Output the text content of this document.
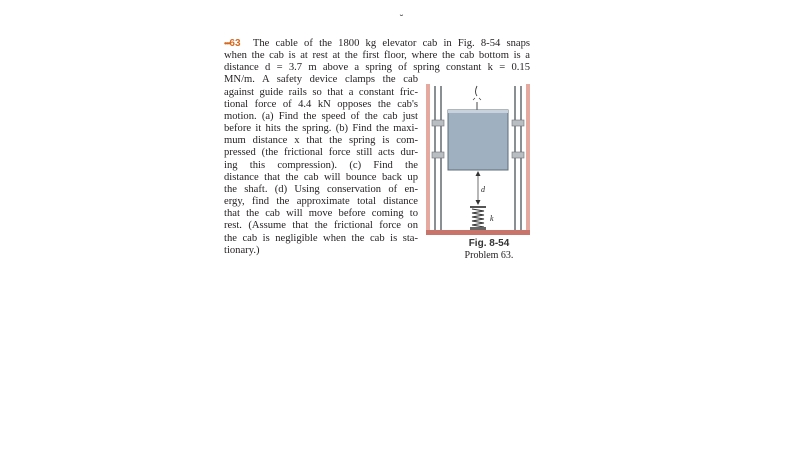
˘
•••63 The cable of the 1800 kg elevator cab in Fig. 8-54 snaps
when the cab is at rest at the first floor, where the cab bottom is a
distance d = 3.7 m above a spring of spring constant k = 0.15
MN/m. A safety device clamps the cab
against guide rails so that a constant fric-
tional force of 4.4 kN opposes the cab's
motion. (a) Find the speed of the cab just
before it hits the spring. (b) Find the maxi-
mum distance x that the spring is com-
pressed (the frictional force still acts dur-
ing this compression). (c) Find the
distance that the cab will bounce back up
the shaft. (d) Using conservation of en-
ergy, find the approximate total distance
that the cab will move before coming to
rest. (Assume that the frictional force on
the cab is negligible when the cab is sta-
tionary.)
d
k
Fig. 8-54
Problem 63.
